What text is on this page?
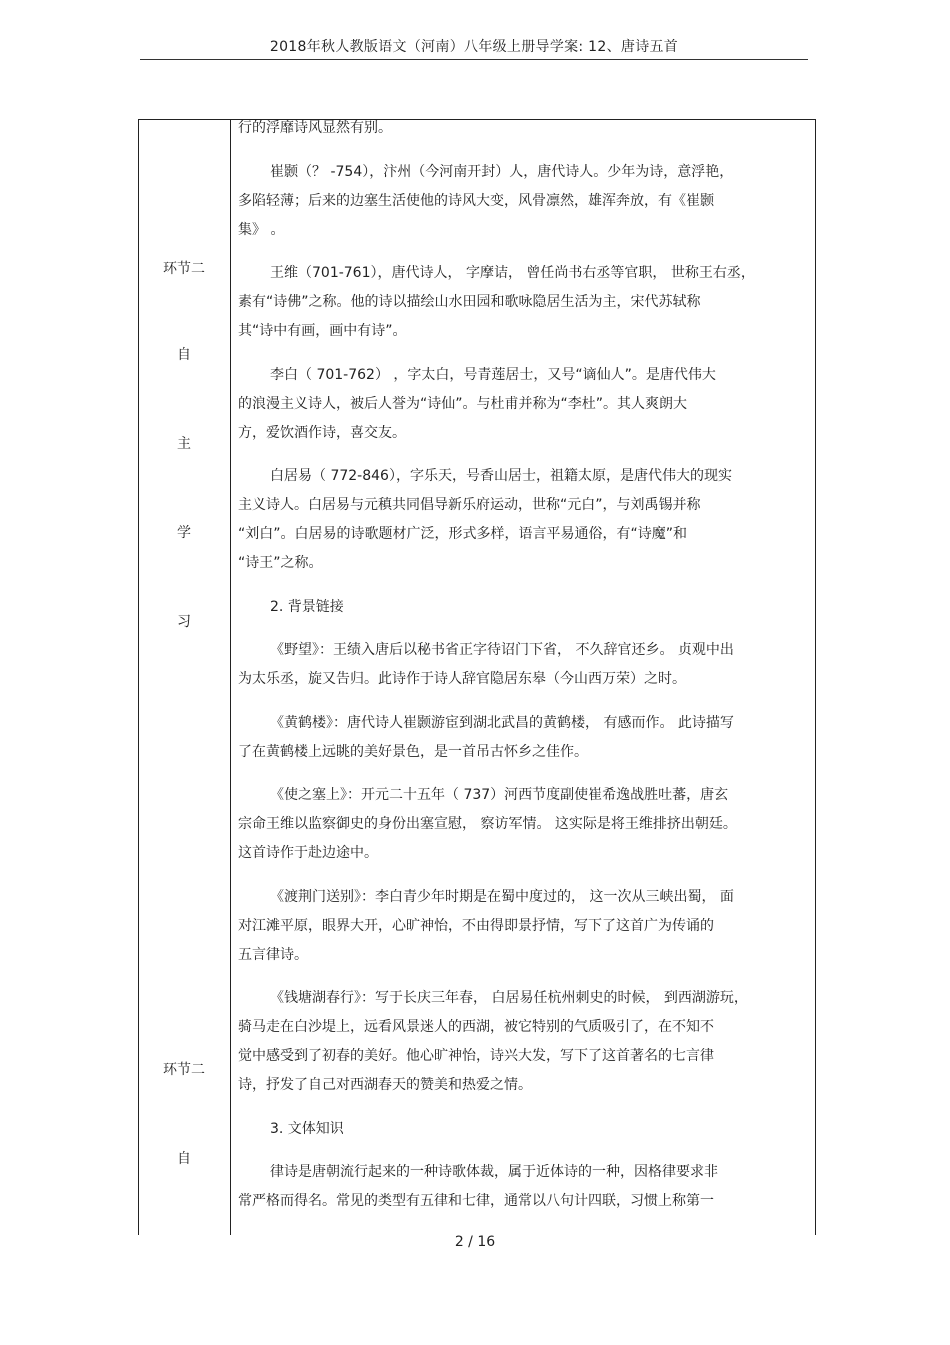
2018年秋人教版语文（河南）八年级上册导学案: 12、唐诗五首
环节二
自
主
学
习
环节二
自

行的浮靡诗风显然有别。

崔颢（？ -754），汴州（今河南开封）人，唐代诗人。少年为诗，意浮艳，
多陷轻薄；后来的边塞生活使他的诗风大变，风骨凛然，雄浑奔放，有《崔颢
集》 。

王维（701-761），唐代诗人， 字摩诘， 曾任尚书右丞等官职， 世称王右丞，
素有“诗佛”之称。他的诗以描绘山水田园和歌咏隐居生活为主，宋代苏轼称
其“诗中有画，画中有诗”。

李白（ 701-762） ，字太白，号青莲居士，又号“谪仙人”。是唐代伟大
的浪漫主义诗人，被后人誉为“诗仙”。与杜甫并称为“李杜”。其人爽朗大
方，爱饮酒作诗，喜交友。

白居易（ 772-846），字乐天，号香山居士，祖籍太原，是唐代伟大的现实
主义诗人。白居易与元稹共同倡导新乐府运动，世称“元白”，与刘禹锡并称
“刘白”。白居易的诗歌题材广泛，形式多样，语言平易通俗，有“诗魔”和
“诗王”之称。

2. 背景链接

《野望》：王绩入唐后以秘书省正字待诏门下省， 不久辞官还乡。 贞观中出
为太乐丞，旋又告归。此诗作于诗人辞官隐居东皋（今山西万荣）之时。

《黄鹤楼》：唐代诗人崔颢游宦到湖北武昌的黄鹤楼， 有感而作。 此诗描写
了在黄鹤楼上远眺的美好景色，是一首吊古怀乡之佳作。

《使之塞上》：开元二十五年（ 737）河西节度副使崔希逸战胜吐蕃，唐玄
宗命王维以监察御史的身份出塞宣慰， 察访军情。 这实际是将王维排挤出朝廷。
这首诗作于赴边途中。

《渡荆门送别》：李白青少年时期是在蜀中度过的， 这一次从三峡出蜀， 面
对江滩平原，眼界大开，心旷神怡，不由得即景抒情，写下了这首广为传诵的
五言律诗。

《钱塘湖春行》：写于长庆三年春， 白居易任杭州刺史的时候， 到西湖游玩，
骑马走在白沙堤上，远看风景迷人的西湖，被它特别的气质吸引了，在不知不
觉中感受到了初春的美好。他心旷神怡，诗兴大发，写下了这首著名的七言律
诗，抒发了自己对西湖春天的赞美和热爱之情。

3. 文体知识

律诗是唐朝流行起来的一种诗歌体裁，属于近体诗的一种，因格律要求非
常严格而得名。常见的类型有五律和七律，通常以八句计四联，习惯上称第一

2 / 16
